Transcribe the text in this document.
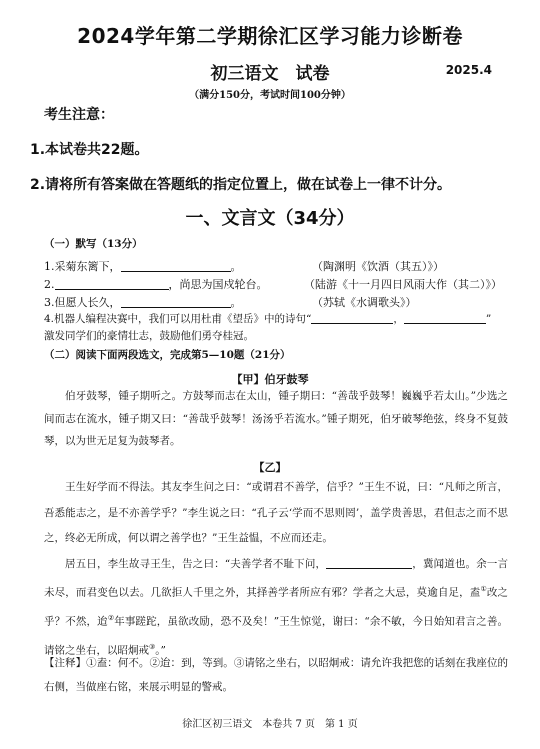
2024学年第二学期徐汇区学习能力诊断卷
初三语文　试卷	2025.4
（满分150分，考试时间100分钟）
考生注意：
1.本试卷共22题。
2.请将所有答案做在答题纸的指定位置上，做在试卷上一律不计分。
一、文言文（34分）
（一）默写（13分）
1.采菊东篱下，	。	（陶渊明《饮酒（其五）》）
2.	，尚思为国戍轮台。	（陆游《十一月四日风雨大作（其二）》）
3.但愿人长久，	。	（苏轼《水调歌头》）
4.机器人编程决赛中，我们可以用杜甫《望岳》中的诗句“	，	”
激发同学们的豪情壮志，鼓励他们勇夺桂冠。
（二）阅读下面两段选文，完成第5—10题（21分）
【甲】伯牙鼓琴

伯牙鼓琴，锺子期听之。方鼓琴而志在太山，锺子期曰：“善哉乎鼓琴！巍巍乎若太山。”少选之间而志在流水，锺子期又曰：“善哉乎鼓琴！汤汤乎若流水。”锺子期死，伯牙破琴绝弦，终身不复鼓琴，以为世无足复为鼓琴者。

【乙】

王生好学而不得法。其友李生问之曰：“或谓君不善学，信乎？”王生不说，曰：“凡师之所言，吾悉能志之，是不亦善学乎？”李生说之曰：“孔子云‘学而不思则罔’，盖学贵善思，君但志之而不思之，终必无所成，何以谓之善学也？”王生益愠，不应而还走。

居五日，李生故寻王生，告之曰：“夫善学者不耻下问，	，冀闻道也。余一言未尽，而君变色以去。几欲拒人千里之外，其择善学者所应有邪？学者之大忌，莫逾自足，盍①改之乎？不然，迨②年事蹉跎，虽欲改励，恐不及矣！”王生惊觉，谢曰：“余不敏，今日始知君言之善。请铭之坐右，以昭炯戒③。”

【注释】①盍：何不。②迨：到，等到。③请铭之坐右，以昭炯戒：请允许我把您的话刻在我座位的右侧，当做座右铭，来展示明显的警戒。

徐汇区初三语文　本卷共 7 页　第 1 页
